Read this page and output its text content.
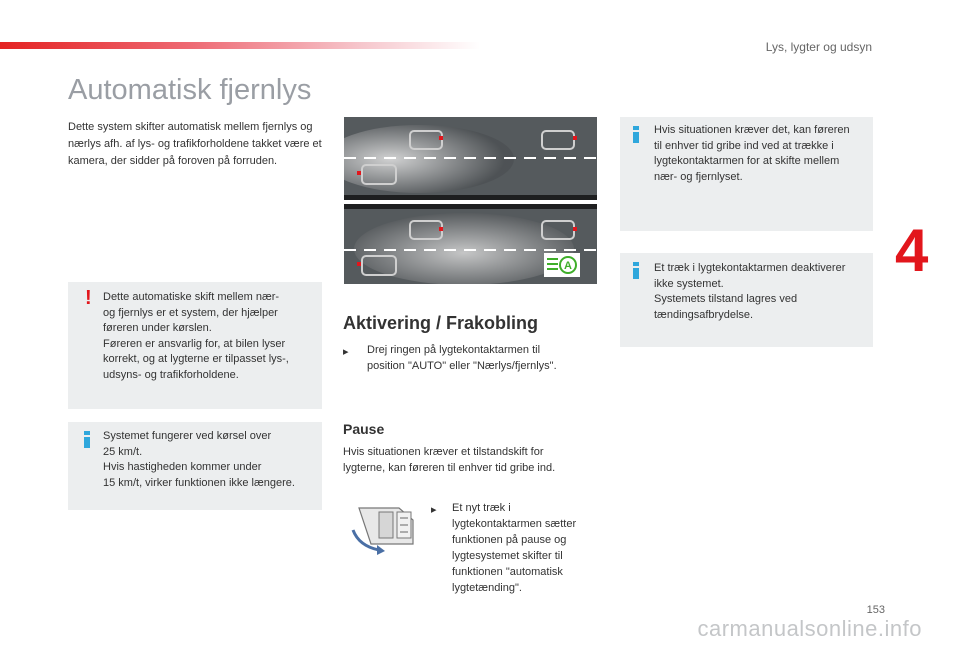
Lys, lygter og udsyn
4
Automatisk fjernlys

Dette system skifter automatisk mellem fjernlys og nærlys afh. af lys- og trafikforholdene takket være et kamera, der sidder på foroven på forruden.

! Dette automatiske skift mellem nær-
og fjernlys er et system, der hjælper
føreren under kørslen.
Føreren er ansvarlig for, at bilen lyser
korrekt, og at lygterne er tilpasset lys-,
udsyns- og trafikforholdene.
Systemet fungerer ved kørsel over
25 km/t.
Hvis hastigheden kommer under
15 km/t, virker funktionen ikke længere.
A
Aktivering / Frakobling
▸ Drej ringen på lygtekontaktarmen til
position "AUTO" eller "Nærlys/fjernlys".
Pause
Hvis situationen kræver et tilstandskift for
lygterne, kan føreren til enhver tid gribe ind.
▸ Et nyt træk i
lygtekontaktarmen sætter
funktionen på pause og
lygtesystemet skifter til
funktionen "automatisk
lygtetænding".
Hvis situationen kræver det, kan føreren
til enhver tid gribe ind ved at trække i
lygtekontaktarmen for at skifte mellem
nær- og fjernlyset.
Et træk i lygtekontaktarmen deaktiverer
ikke systemet.
Systemets tilstand lagres ved
tændingsafbrydelse.
153
carmanualsonline.info
